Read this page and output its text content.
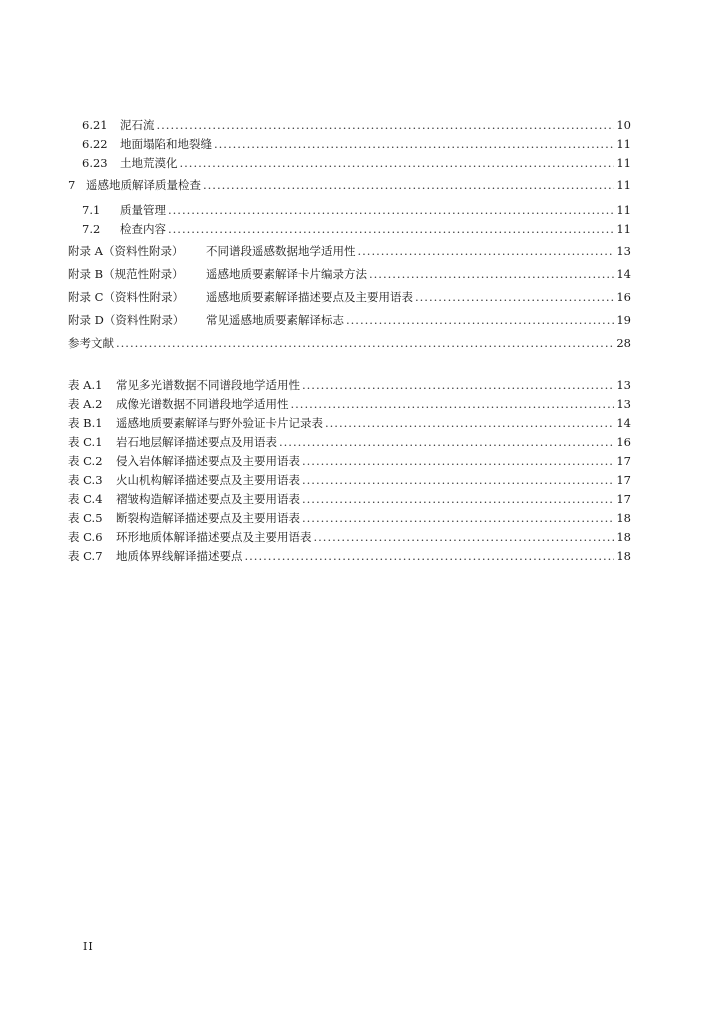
6.21	泥石流 .....	10
6.22	地面塌陷和地裂缝 .....	11
6.23	土地荒漠化 .....	11
7 遥感地质解译质量检查 .....	11
7.1	质量管理 .....	11
7.2	检查内容 .....	11
附录 A（资料性附录）	不同谱段遥感数据地学适用性 .....	13
附录 B（规范性附录）	遥感地质要素解译卡片编录方法 .....	14
附录 C（资料性附录）	遥感地质要素解译描述要点及主要用语表 .....	16
附录 D（资料性附录）	常见遥感地质要素解译标志 .....	19
参考文献 .....	28
表 A.1	常见多光谱数据不同谱段地学适用性 .....	13
表 A.2	成像光谱数据不同谱段地学适用性 .....	13
表 B.1	遥感地质要素解译与野外验证卡片记录表 .....	14
表 C.1	岩石地层解译描述要点及用语表 .....	16
表 C.2	侵入岩体解译描述要点及主要用语表 .....	17
表 C.3	火山机构解译描述要点及主要用语表 .....	17
表 C.4	褶皱构造解译描述要点及主要用语表 .....	17
表 C.5	断裂构造解译描述要点及主要用语表 .....	18
表 C.6	环形地质体解译描述要点及主要用语表 .....	18
表 C.7	地质体界线解译描述要点 .....	18
II
